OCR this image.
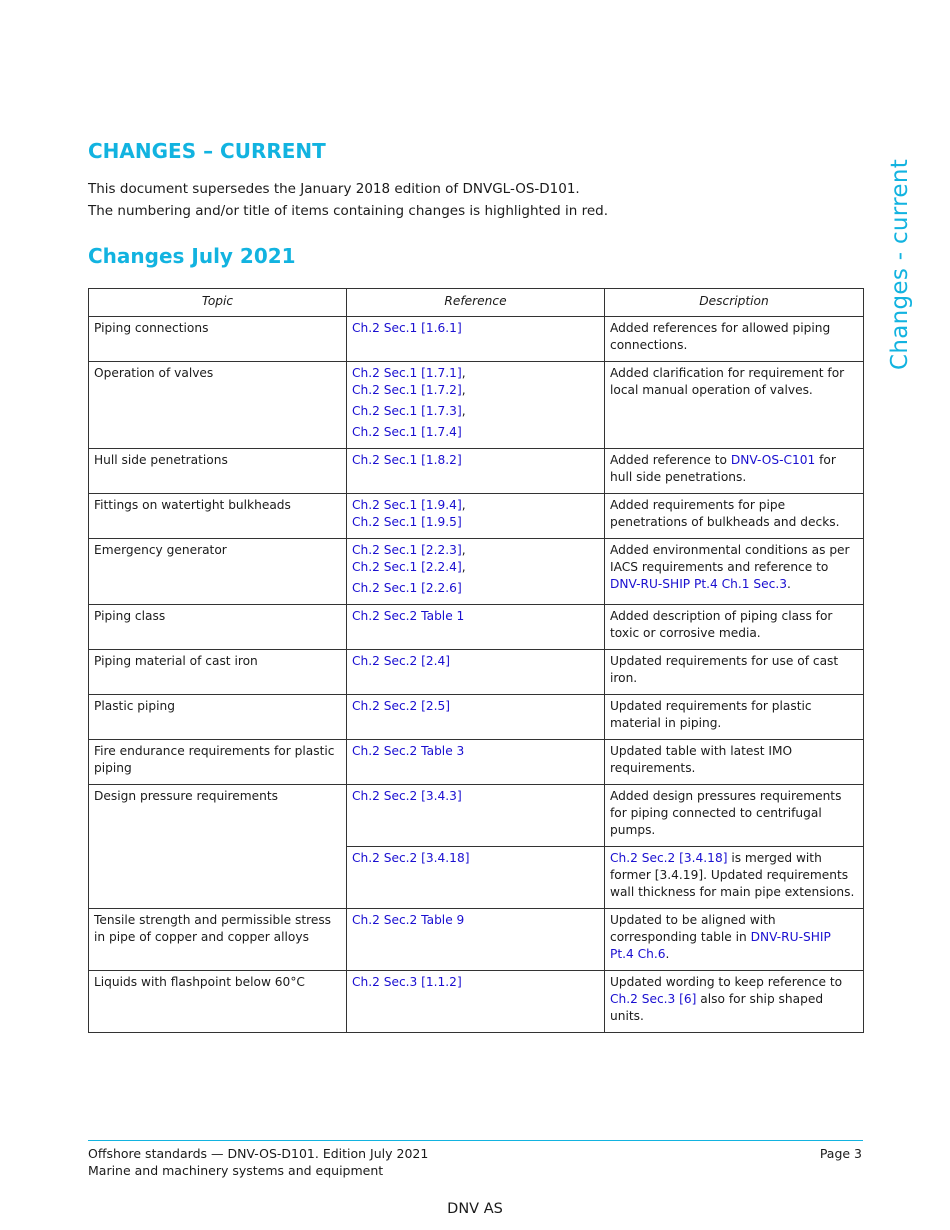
CHANGES – CURRENT
This document supersedes the January 2018 edition of DNVGL-OS-D101.
The numbering and/or title of items containing changes is highlighted in red.
Changes July 2021	Changes - current
Topic	Reference	Description
Piping connections	Ch.2 Sec.1 [1.6.1]	Added references for allowed piping connections.
Operation of valves	Ch.2 Sec.1 [1.7.1],
Ch.2 Sec.1 [1.7.2],
Ch.2 Sec.1 [1.7.3],
Ch.2 Sec.1 [1.7.4]	Added clarification for requirement for local manual operation of valves.
Hull side penetrations	Ch.2 Sec.1 [1.8.2]	Added reference to DNV-OS-C101 for hull side penetrations.
Fittings on watertight bulkheads	Ch.2 Sec.1 [1.9.4],
Ch.2 Sec.1 [1.9.5]	Added requirements for pipe penetrations of bulkheads and decks.
Emergency generator	Ch.2 Sec.1 [2.2.3],
Ch.2 Sec.1 [2.2.4],
Ch.2 Sec.1 [2.2.6]	Added environmental conditions as per IACS requirements and reference to DNV-RU-SHIP Pt.4 Ch.1 Sec.3.
Piping class	Ch.2 Sec.2 Table 1	Added description of piping class for toxic or corrosive media.
Piping material of cast iron	Ch.2 Sec.2 [2.4]	Updated requirements for use of cast iron.
Plastic piping	Ch.2 Sec.2 [2.5]	Updated requirements for plastic material in piping.
Fire endurance requirements for plastic piping	Ch.2 Sec.2 Table 3	Updated table with latest IMO requirements.
Design pressure requirements	Ch.2 Sec.2 [3.4.3]	Added design pressures requirements for piping connected to centrifugal pumps.

	Ch.2 Sec.2 [3.4.18]	Ch.2 Sec.2 [3.4.18] is merged with former [3.4.19]. Updated requirements wall thickness for main pipe extensions.
Tensile strength and permissible stress in pipe of copper and copper alloys	Ch.2 Sec.2 Table 9	Updated to be aligned with corresponding table in DNV-RU-SHIP Pt.4 Ch.6.
Liquids with flashpoint below 60°C	Ch.2 Sec.3 [1.1.2]	Updated wording to keep reference to Ch.2 Sec.3 [6] also for ship shaped units.
Offshore standards — DNV-OS-D101. Edition July 2021
Marine and machinery systems and equipment
Page 3
DNV AS
